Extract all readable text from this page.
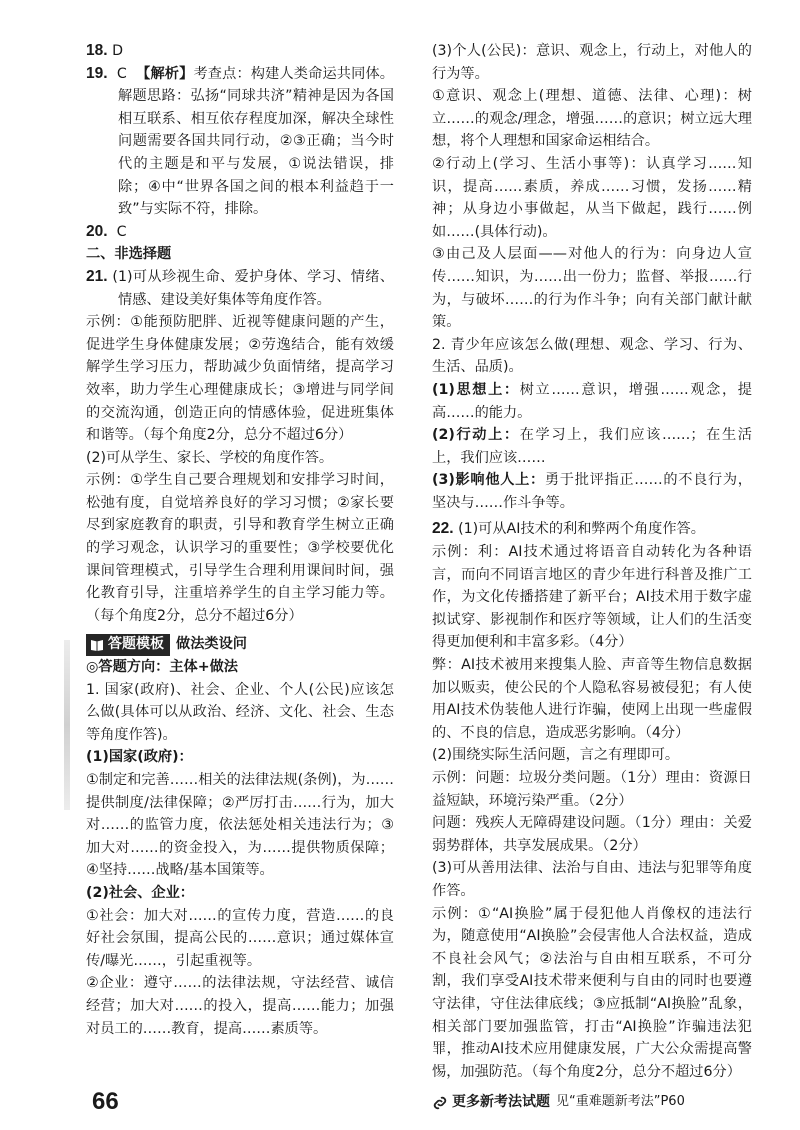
18. D

19. C 【解析】考查点：构建人类命运共同体。解题思路：弘扬“同球共济”精神是因为各国相互联系、相互依存程度加深，解决全球性问题需要各国共同行动，②③正确；当今时代的主题是和平与发展，①说法错误，排除；④中“世界各国之间的根本利益趋于一致”与实际不符，排除。

20. C

二、非选择题

21. (1)可从珍视生命、爱护身体、学习、情绪、情感、建设美好集体等角度作答。

示例：①能预防肥胖、近视等健康问题的产生，促进学生身体健康发展；②劳逸结合，能有效缓解学生学习压力，帮助减少负面情绪，提高学习效率，助力学生心理健康成长；③增进与同学间的交流沟通，创造正向的情感体验，促进班集体和谐等。（每个角度2分，总分不超过6分）

(2)可从学生、家长、学校的角度作答。

示例：①学生自己要合理规划和安排学习时间，松弛有度，自觉培养良好的学习习惯；②家长要尽到家庭教育的职责，引导和教育学生树立正确的学习观念，认识学习的重要性；③学校要优化课间管理模式，引导学生合理利用课间时间，强化教育引导，注重培养学生的自主学习能力等。（每个角度2分，总分不超过6分）

答题模板 做法类设问

◎答题方向：主体+做法

1. 国家(政府)、社会、企业、个人(公民)应该怎么做(具体可以从政治、经济、文化、社会、生态等角度作答)。

(1)国家(政府)：

①制定和完善……相关的法律法规(条例)，为……提供制度/法律保障；②严厉打击……行为，加大对……的监管力度，依法惩处相关违法行为；③加大对……的资金投入，为……提供物质保障；④坚持……战略/基本国策等。

(2)社会、企业：

①社会：加大对……的宣传力度，营造……的良好社会氛围，提高公民的……意识；通过媒体宣传/曝光……，引起重视等。

②企业：遵守……的法律法规，守法经营、诚信经营；加大对……的投入，提高……能力；加强对员工的……教育，提高……素质等。

(3)个人(公民)：意识、观念上，行动上，对他人的行为等。

①意识、观念上(理想、道德、法律、心理)：树立……的观念/理念，增强……的意识；树立远大理想，将个人理想和国家命运相结合。

②行动上(学习、生活小事等)：认真学习……知识，提高……素质，养成……习惯，发扬……精神；从身边小事做起，从当下做起，践行……例如……(具体行动)。

③由己及人层面——对他人的行为：向身边人宣传……知识，为……出一份力；监督、举报……行为，与破坏……的行为作斗争；向有关部门献计献策。

2. 青少年应该怎么做(理想、观念、学习、行为、生活、品质)。

(1)思想上：树立……意识，增强……观念，提高……的能力。

(2)行动上：在学习上，我们应该……；在生活上，我们应该……

(3)影响他人上：勇于批评指正……的不良行为，坚决与……作斗争等。

22. (1)可从AI技术的利和弊两个角度作答。

示例：利：AI技术通过将语音自动转化为各种语言，而向不同语言地区的青少年进行科普及推广工作，为文化传播搭建了新平台；AI技术用于数字虚拟试穿、影视制作和医疗等领域，让人们的生活变得更加便利和丰富多彩。（4分）

弊：AI技术被用来搜集人脸、声音等生物信息数据加以贩卖，使公民的个人隐私容易被侵犯；有人使用AI技术伪装他人进行诈骗，使网上出现一些虚假的、不良的信息，造成恶劣影响。（4分）

(2)围绕实际生活问题，言之有理即可。

示例：问题：垃圾分类问题。（1分）理由：资源日益短缺，环境污染严重。（2分）

问题：残疾人无障碍建设问题。（1分）理由：关爱弱势群体，共享发展成果。（2分）

(3)可从善用法律、法治与自由、违法与犯罪等角度作答。

示例：①“AI换脸”属于侵犯他人肖像权的违法行为，随意使用“AI换脸”会侵害他人合法权益，造成不良社会风气；②法治与自由相互联系，不可分割，我们享受AI技术带来便利与自由的同时也要遵守法律，守住法律底线；③应抵制“AI换脸”乱象，相关部门要加强监管，打击“AI换脸”诈骗违法犯罪，推动AI技术应用健康发展，广大公众需提高警惕，加强防范。（每个角度2分，总分不超过6分）

更多新考法试题 见“重难题新考法”P60
66
